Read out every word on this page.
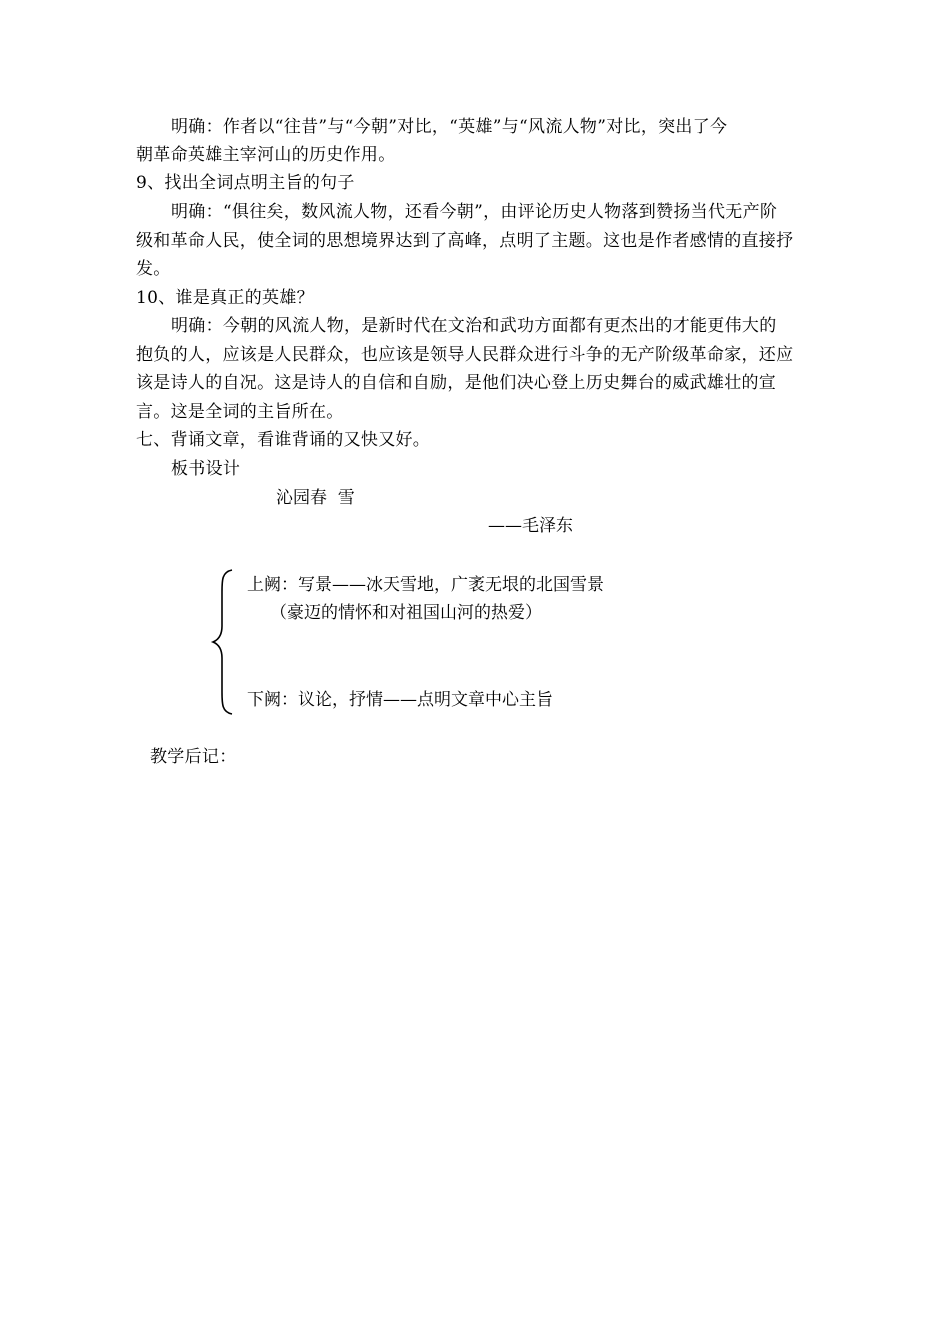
明确：作者以“往昔”与“今朝”对比，“英雄”与“风流人物”对比，突出了今
朝革命英雄主宰河山的历史作用。
9、找出全词点明主旨的句子
明确：“俱往矣，数风流人物，还看今朝”，由评论历史人物落到赞扬当代无产阶
级和革命人民，使全词的思想境界达到了高峰，点明了主题。这也是作者感情的直接抒
发。
10、谁是真正的英雄？
明确：今朝的风流人物，是新时代在文治和武功方面都有更杰出的才能更伟大的
抱负的人，应该是人民群众，也应该是领导人民群众进行斗争的无产阶级革命家，还应
该是诗人的自况。这是诗人的自信和自励，是他们决心登上历史舞台的威武雄壮的宣
言。这是全词的主旨所在。
七、背诵文章，看谁背诵的又快又好。
板书设计
沁园春  雪
——毛泽东
上阙：写景——冰天雪地，广袤无垠的北国雪景
（豪迈的情怀和对祖国山河的热爱）
下阙：议论，抒情——点明文章中心主旨
教学后记：
